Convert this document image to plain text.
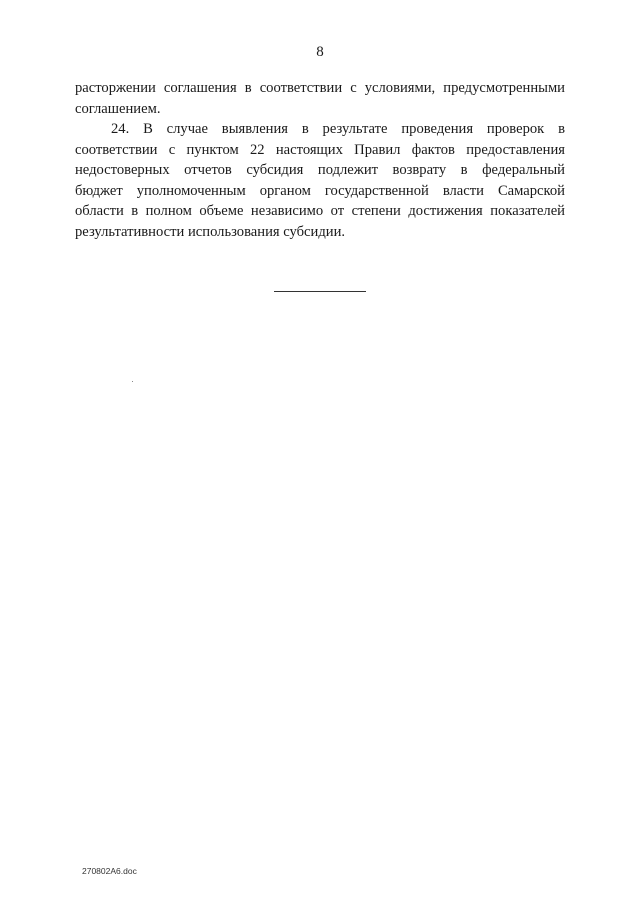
8

расторжении соглашения в соответствии с условиями, предусмотренными
соглашением.

24. В случае выявления в результате проведения проверок в
соответствии с пунктом 22 настоящих Правил фактов предоставления
недостоверных отчетов субсидия подлежит возврату в федеральный
бюджет уполномоченным органом государственной власти Самарской
области в полном объеме независимо от степени достижения показателей
результативности использования субсидии.

270802А6.doc
